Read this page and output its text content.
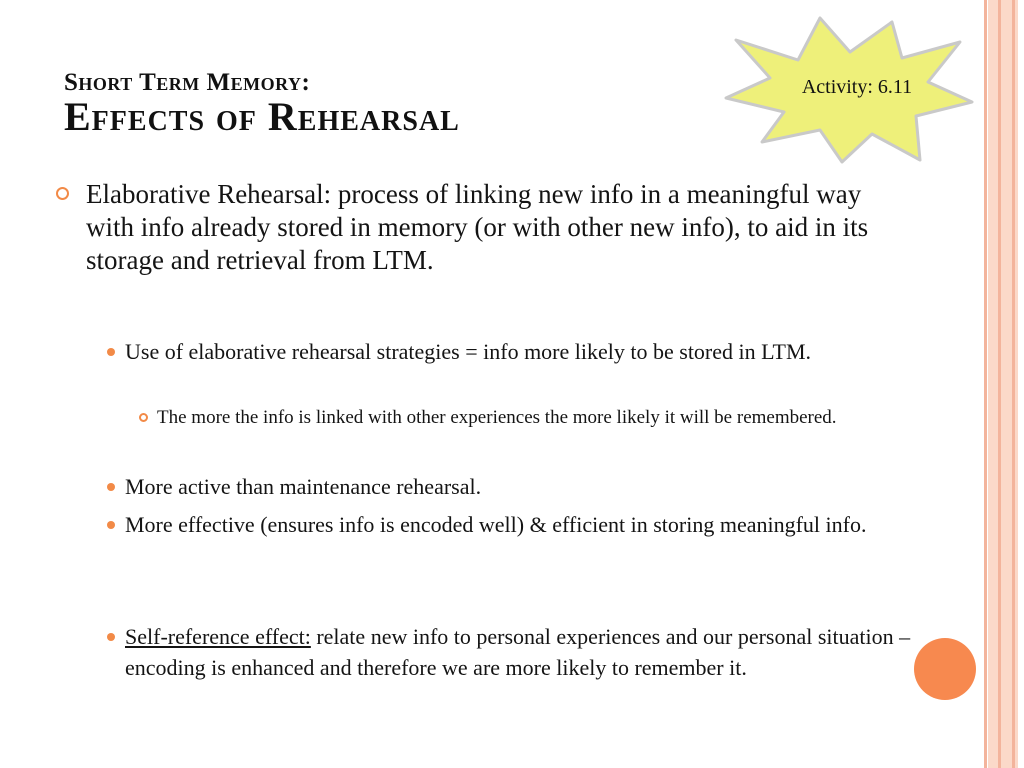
Short Term Memory:
Effects of Rehearsal
Activity: 6.11

Elaborative Rehearsal: process of linking new info in a meaningful way with info already stored in memory (or with other new info), to aid in its storage and retrieval from LTM.

Use of elaborative rehearsal strategies = info more likely to be stored in LTM.

The more the info is linked with other experiences the more likely it will be remembered.

More active than maintenance rehearsal.

More effective (ensures info is encoded well) & efficient in storing meaningful info.

Self-reference effect: relate new info to personal experiences and our personal situation – encoding is enhanced and therefore we are more likely to remember it.
